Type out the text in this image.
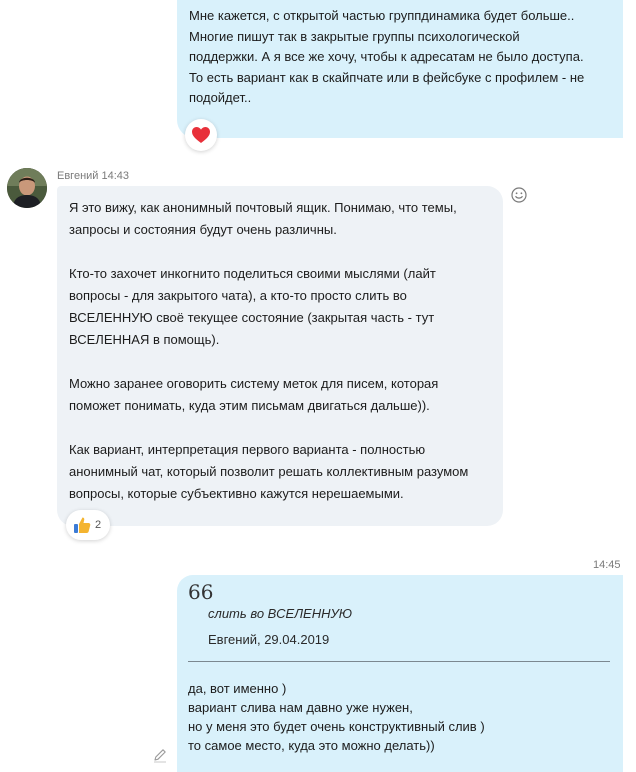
Мне кажется, с открытой частью группдинамика будет больше..
Многие пишут так в закрытые группы психологической
поддержки. А я все же хочу, чтобы к адресатам не было доступа.
То есть вариант как в скайпчате или в фейсбуке с профилем - не
подойдет..
Евгений 14:43

Я это вижу, как анонимный почтовый ящик. Понимаю, что темы,
запросы и состояния будут очень различны.

Кто-то захочет инкогнито поделиться своими мыслями (лайт
вопросы - для закрытого чата), а кто-то просто слить во
ВСЕЛЕННУЮ своё текущее состояние (закрытая часть - тут
ВСЕЛЕННАЯ в помощь).

Можно заранее оговорить систему меток для писем, которая
поможет понимать, куда этим письмам двигаться дальше)).

Как вариант, интерпретация первого варианта - полностью
анонимный чат, который позволит решать коллективным разумом
вопросы, которые субъективно кажутся нерешаемыми.

2
14:45
66
слить во ВСЕЛЕННУЮ
Евгений, 29.04.2019
да, вот именно )
вариант слива нам давно уже нужен,
но у меня это будет очень конструктивный слив )
то самое место, куда это можно делать))
